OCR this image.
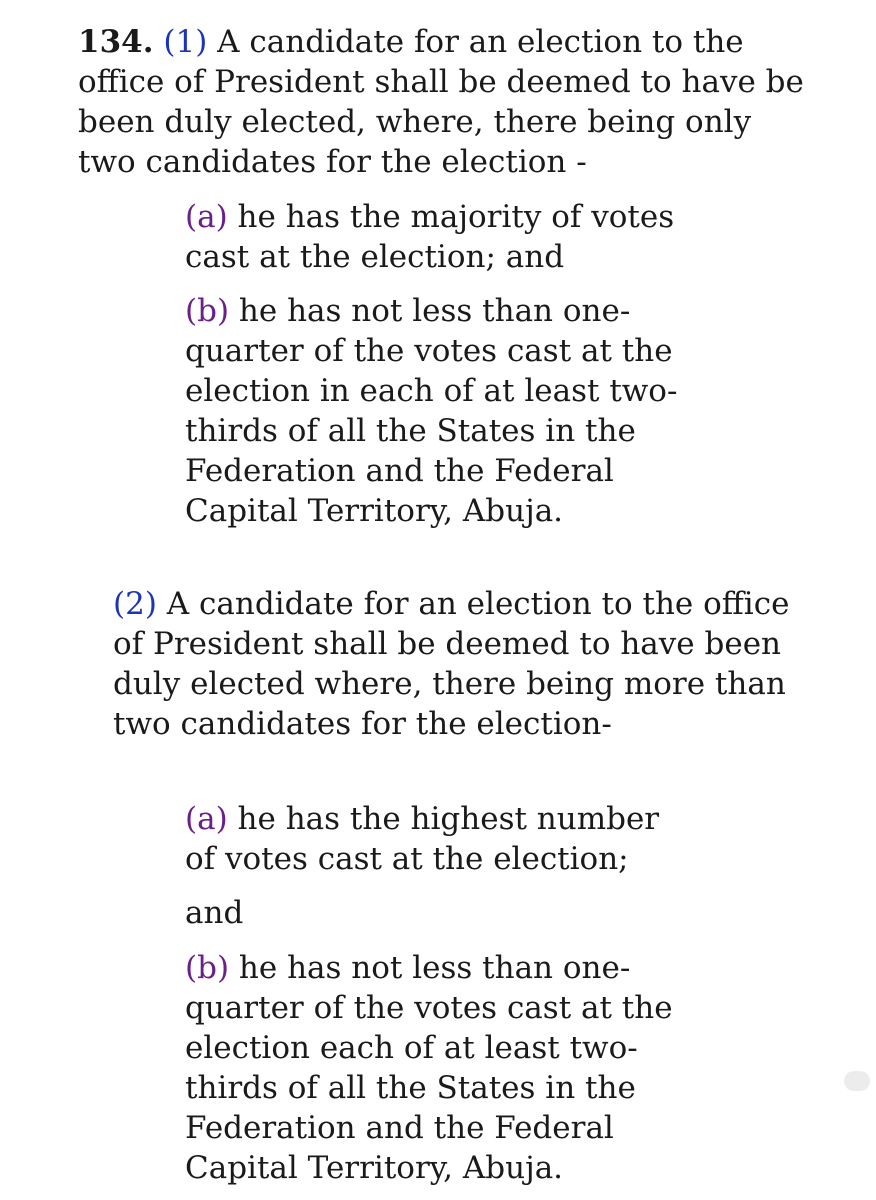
134. (1) A candidate for an election to the office of President shall be deemed to have be been duly elected, where, there being only two candidates for the election -

(a) he has the majority of votes cast at the election; and

(b) he has not less than one-quarter of the votes cast at the election in each of at least two-thirds of all the States in the Federation and the Federal Capital Territory, Abuja.

(2) A candidate for an election to the office of President shall be deemed to have been duly elected where, there being more than two candidates for the election-

(a) he has the highest number of votes cast at the election;

and

(b) he has not less than one-quarter of the votes cast at the election each of at least two-thirds of all the States in the Federation and the Federal Capital Territory, Abuja.
